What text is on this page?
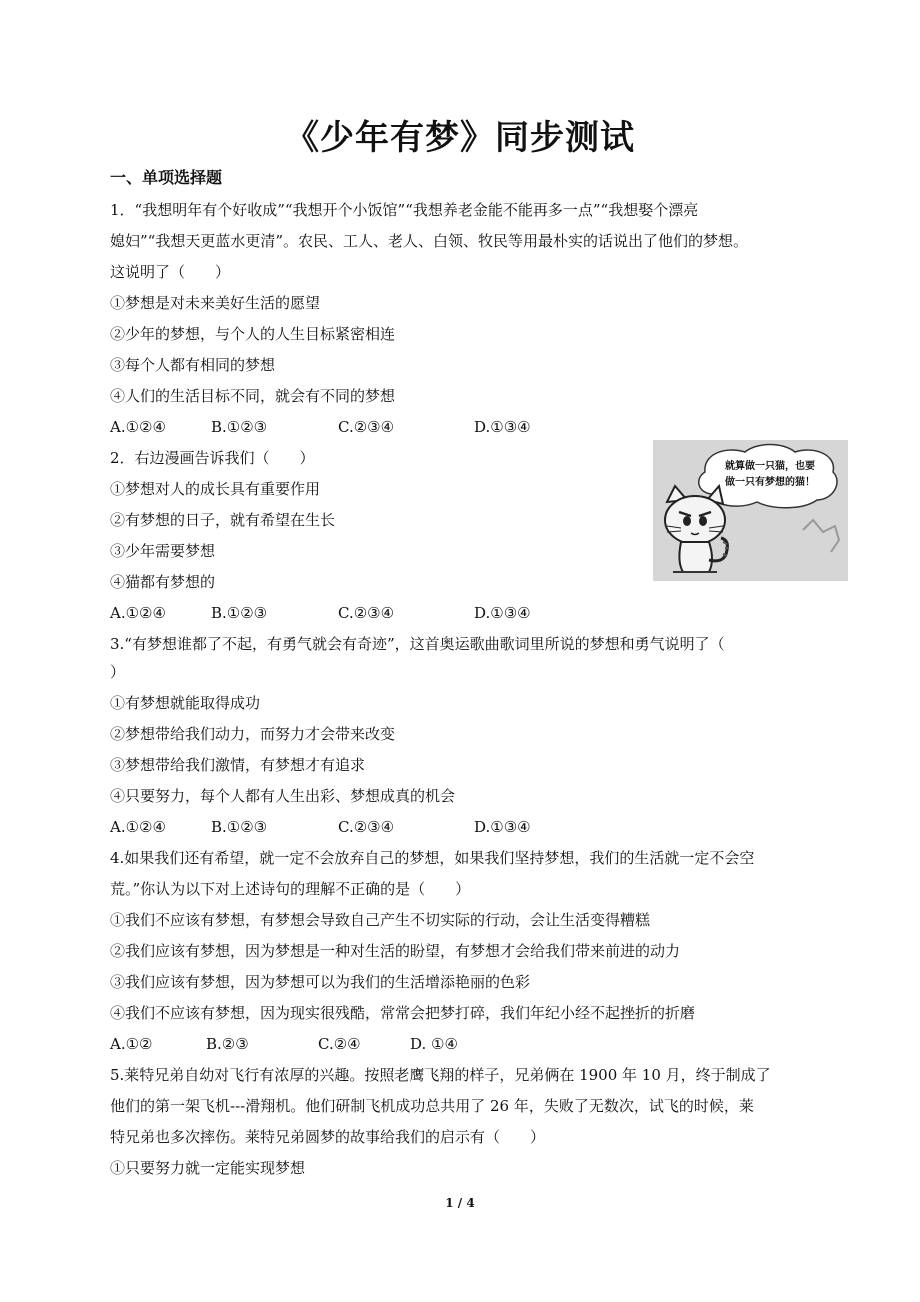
《少年有梦》同步测试
一、单项选择题
1．“我想明年有个好收成”“我想开个小饭馆”“我想养老金能不能再多一点”“我想娶个漂亮
媳妇”“我想天更蓝水更清”。农民、工人、老人、白领、牧民等用最朴实的话说出了他们的梦想。
这说明了（　　）
①梦想是对未来美好生活的愿望
②少年的梦想，与个人的人生目标紧密相连
③每个人都有相同的梦想
④人们的生活目标不同，就会有不同的梦想
A.①②④	B.①②③	C.②③④	D.①③④
2．右边漫画告诉我们（　　）
①梦想对人的成长具有重要作用
②有梦想的日子，就有希望在生长
③少年需要梦想
④猫都有梦想的
A.①②④	B.①②③	C.②③④	D.①③④
就算做一只猫，也要
做一只有梦想的猫！
3.“有梦想谁都了不起，有勇气就会有奇迹”，这首奥运歌曲歌词里所说的梦想和勇气说明了（
）
①有梦想就能取得成功
②梦想带给我们动力，而努力才会带来改变
③梦想带给我们激情，有梦想才有追求
④只要努力，每个人都有人生出彩、梦想成真的机会
A.①②④	B.①②③	C.②③④	D.①③④
4.如果我们还有希望，就一定不会放弃自己的梦想，如果我们坚持梦想，我们的生活就一定不会空
荒。”你认为以下对上述诗句的理解不正确的是（　　）
①我们不应该有梦想，有梦想会导致自己产生不切实际的行动，会让生活变得糟糕
②我们应该有梦想，因为梦想是一种对生活的盼望，有梦想才会给我们带来前进的动力
③我们应该有梦想，因为梦想可以为我们的生活增添艳丽的色彩
④我们不应该有梦想，因为现实很残酷，常常会把梦打碎，我们年纪小经不起挫折的折磨
A.①②	B.②③	C.②④	D. ①④
5.莱特兄弟自幼对飞行有浓厚的兴趣。按照老鹰飞翔的样子，兄弟俩在 1900 年 10 月，终于制成了
他们的第一架飞机---滑翔机。他们研制飞机成功总共用了 26 年，失败了无数次，试飞的时候，莱
特兄弟也多次摔伤。莱特兄弟圆梦的故事给我们的启示有（　　）
①只要努力就一定能实现梦想
1 / 4
